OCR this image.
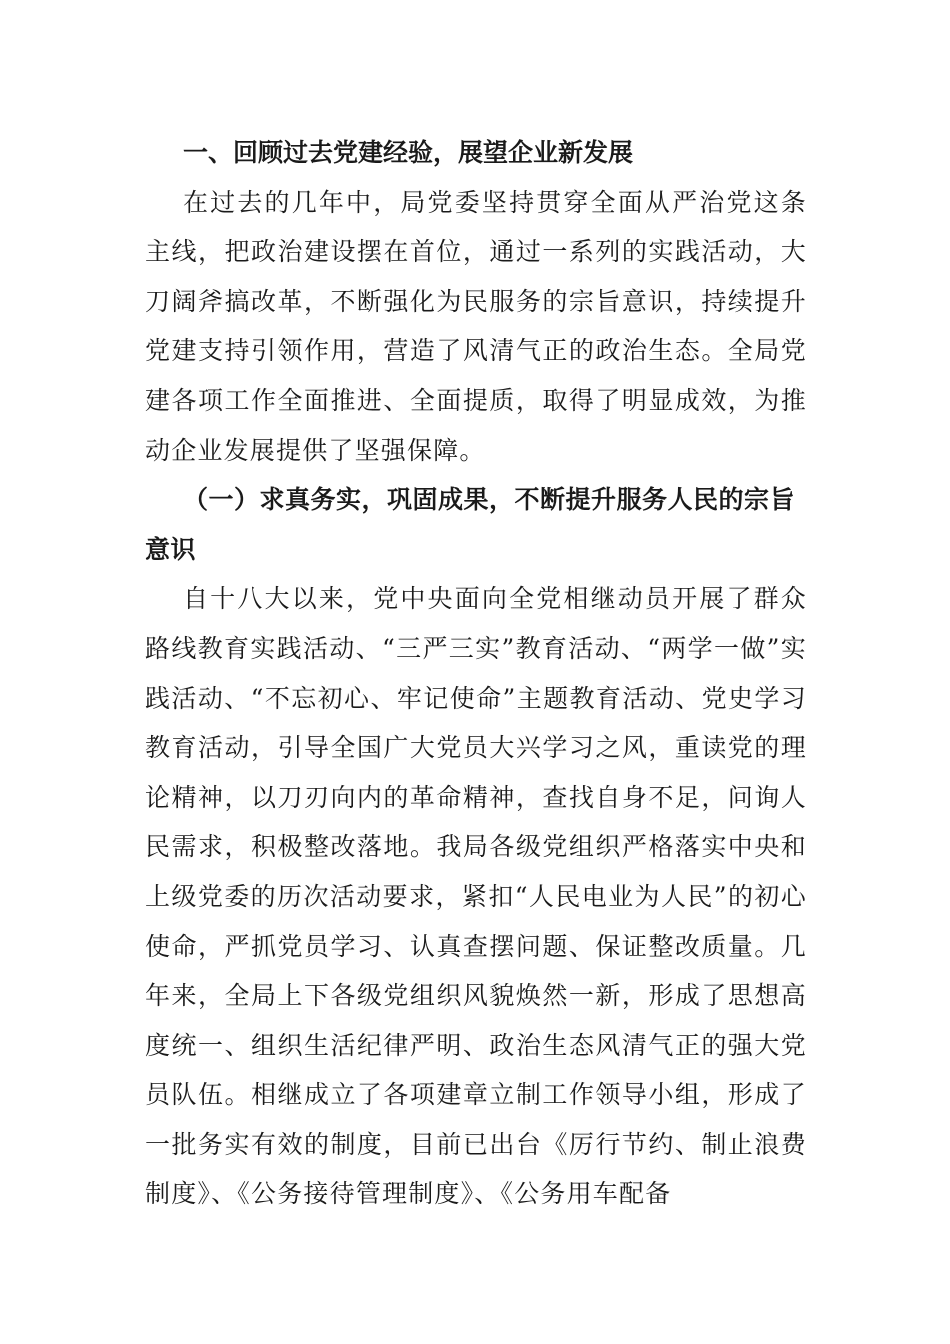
一、回顾过去党建经验，展望企业新发展

在过去的几年中，局党委坚持贯穿全面从严治党这条主线，把政治建设摆在首位，通过一系列的实践活动，大刀阔斧搞改革，不断强化为民服务的宗旨意识，持续提升党建支持引领作用，营造了风清气正的政治生态。全局党建各项工作全面推进、全面提质，取得了明显成效，为推动企业发展提供了坚强保障。

（一）求真务实，巩固成果，不断提升服务人民的宗旨意识

自十八大以来，党中央面向全党相继动员开展了群众路线教育实践活动、“三严三实”教育活动、“两学一做”实践活动、“不忘初心、牢记使命”主题教育活动、党史学习教育活动，引导全国广大党员大兴学习之风，重读党的理论精神，以刀刃向内的革命精神，查找自身不足，问询人民需求，积极整改落地。我局各级党组织严格落实中央和上级党委的历次活动要求，紧扣“人民电业为人民”的初心使命，严抓党员学习、认真查摆问题、保证整改质量。几年来，全局上下各级党组织风貌焕然一新，形成了思想高度统一、组织生活纪律严明、政治生态风清气正的强大党员队伍。相继成立了各项建章立制工作领导小组，形成了一批务实有效的制度，目前已出台《厉行节约、制止浪费制度》、《公务接待管理制度》、《公务用车配备
